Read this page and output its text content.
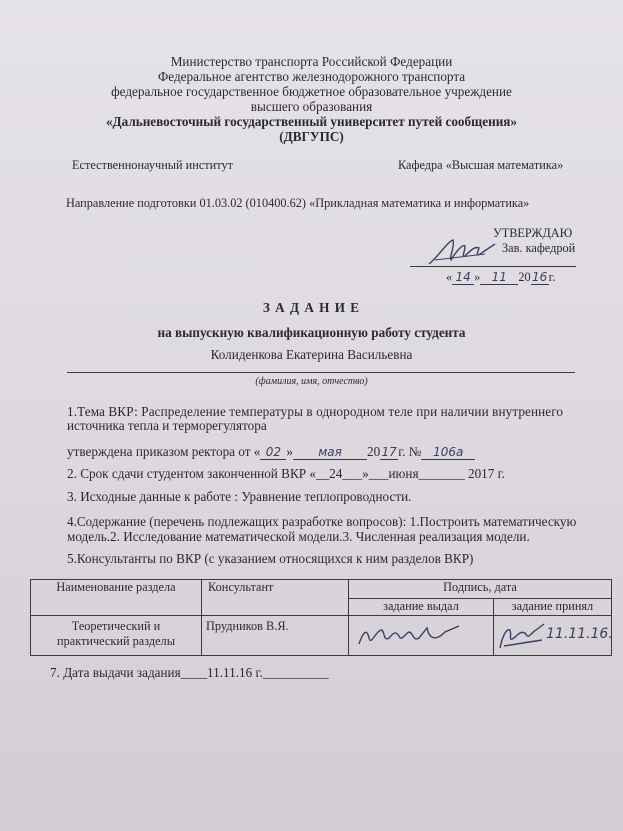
Министерство транспорта Российской Федерации
Федеральное агентство железнодорожного транспорта
федеральное государственное бюджетное образовательное учреждение
высшего образования
«Дальневосточный государственный университет путей сообщения»
(ДВГУПС)
Естественнонаучный институт	Кафедра «Высшая математика»
Направление подготовки 01.03.02 (010400.62) «Прикладная математика и информатика»
УТВЕРЖДАЮ
Зав. кафедрой
« 14 » 11 2016г.
З А Д А Н И Е
на выпускную квалификационную работу студента
Колиденкова Екатерина Васильевна
(фамилия, имя, отчество)
1.Тема ВКР: Распределение температуры в однородном теле при наличии внутреннего
источника тепла и терморегулятора
утверждена приказом ректора от « 02 » мая 2017г. № 106а
2. Срок сдачи студентом законченной ВКР «__24___»___июня_______ 2017 г.
3. Исходные данные к работе : Уравнение теплопроводности.
4.Содержание (перечень подлежащих разработке вопросов): 1.Построить математическую
модель.2. Исследование математической модели.3. Численная реализация модели.
5.Консультанты по ВКР (с указанием относящихся к ним разделов ВКР)
Наименование раздела	Консультант	Подпись, дата	
		задание выдал	задание принял

Теоретический и
практический разделы	Прудников В.Я.		11.11.16.
7. Дата выдачи задания____11.11.16 г.__________
